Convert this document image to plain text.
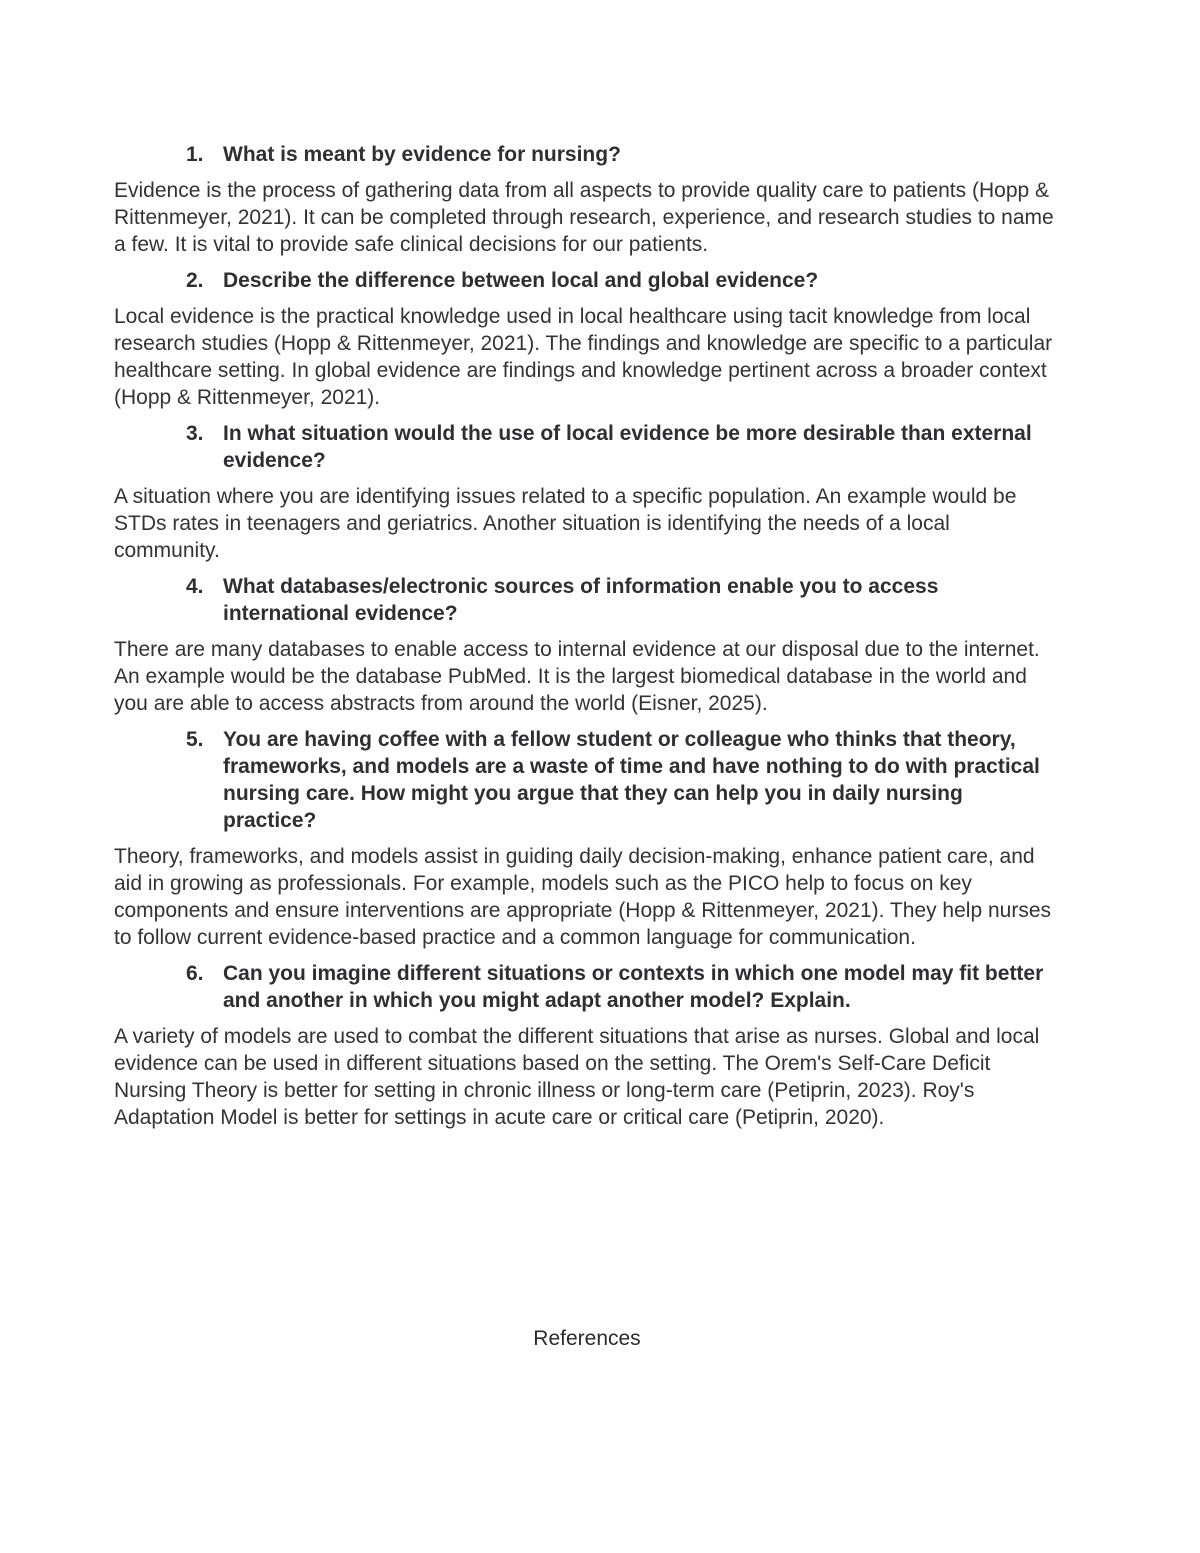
1. What is meant by evidence for nursing?
Evidence is the process of gathering data from all aspects to provide quality care to patients (Hopp & Rittenmeyer, 2021). It can be completed through research, experience, and research studies to name a few. It is vital to provide safe clinical decisions for our patients.
2. Describe the difference between local and global evidence?
Local evidence is the practical knowledge used in local healthcare using tacit knowledge from local research studies (Hopp & Rittenmeyer, 2021). The findings and knowledge are specific to a particular healthcare setting. In global evidence are findings and knowledge pertinent across a broader context (Hopp & Rittenmeyer, 2021).
3. In what situation would the use of local evidence be more desirable than external evidence?
A situation where you are identifying issues related to a specific population. An example would be STDs rates in teenagers and geriatrics. Another situation is identifying the needs of a local community.
4. What databases/electronic sources of information enable you to access international evidence?
There are many databases to enable access to internal evidence at our disposal due to the internet. An example would be the database PubMed. It is the largest biomedical database in the world and you are able to access abstracts from around the world (Eisner, 2025).
5. You are having coffee with a fellow student or colleague who thinks that theory, frameworks, and models are a waste of time and have nothing to do with practical nursing care. How might you argue that they can help you in daily nursing practice?
Theory, frameworks, and models assist in guiding daily decision-making, enhance patient care, and aid in growing as professionals. For example, models such as the PICO help to focus on key components and ensure interventions are appropriate (Hopp & Rittenmeyer, 2021). They help nurses to follow current evidence-based practice and a common language for communication.
6. Can you imagine different situations or contexts in which one model may fit better and another in which you might adapt another model? Explain.
A variety of models are used to combat the different situations that arise as nurses. Global and local evidence can be used in different situations based on the setting. The Orem's Self-Care Deficit Nursing Theory is better for setting in chronic illness or long-term care (Petiprin, 2023). Roy's Adaptation Model is better for settings in acute care or critical care (Petiprin, 2020).
References
